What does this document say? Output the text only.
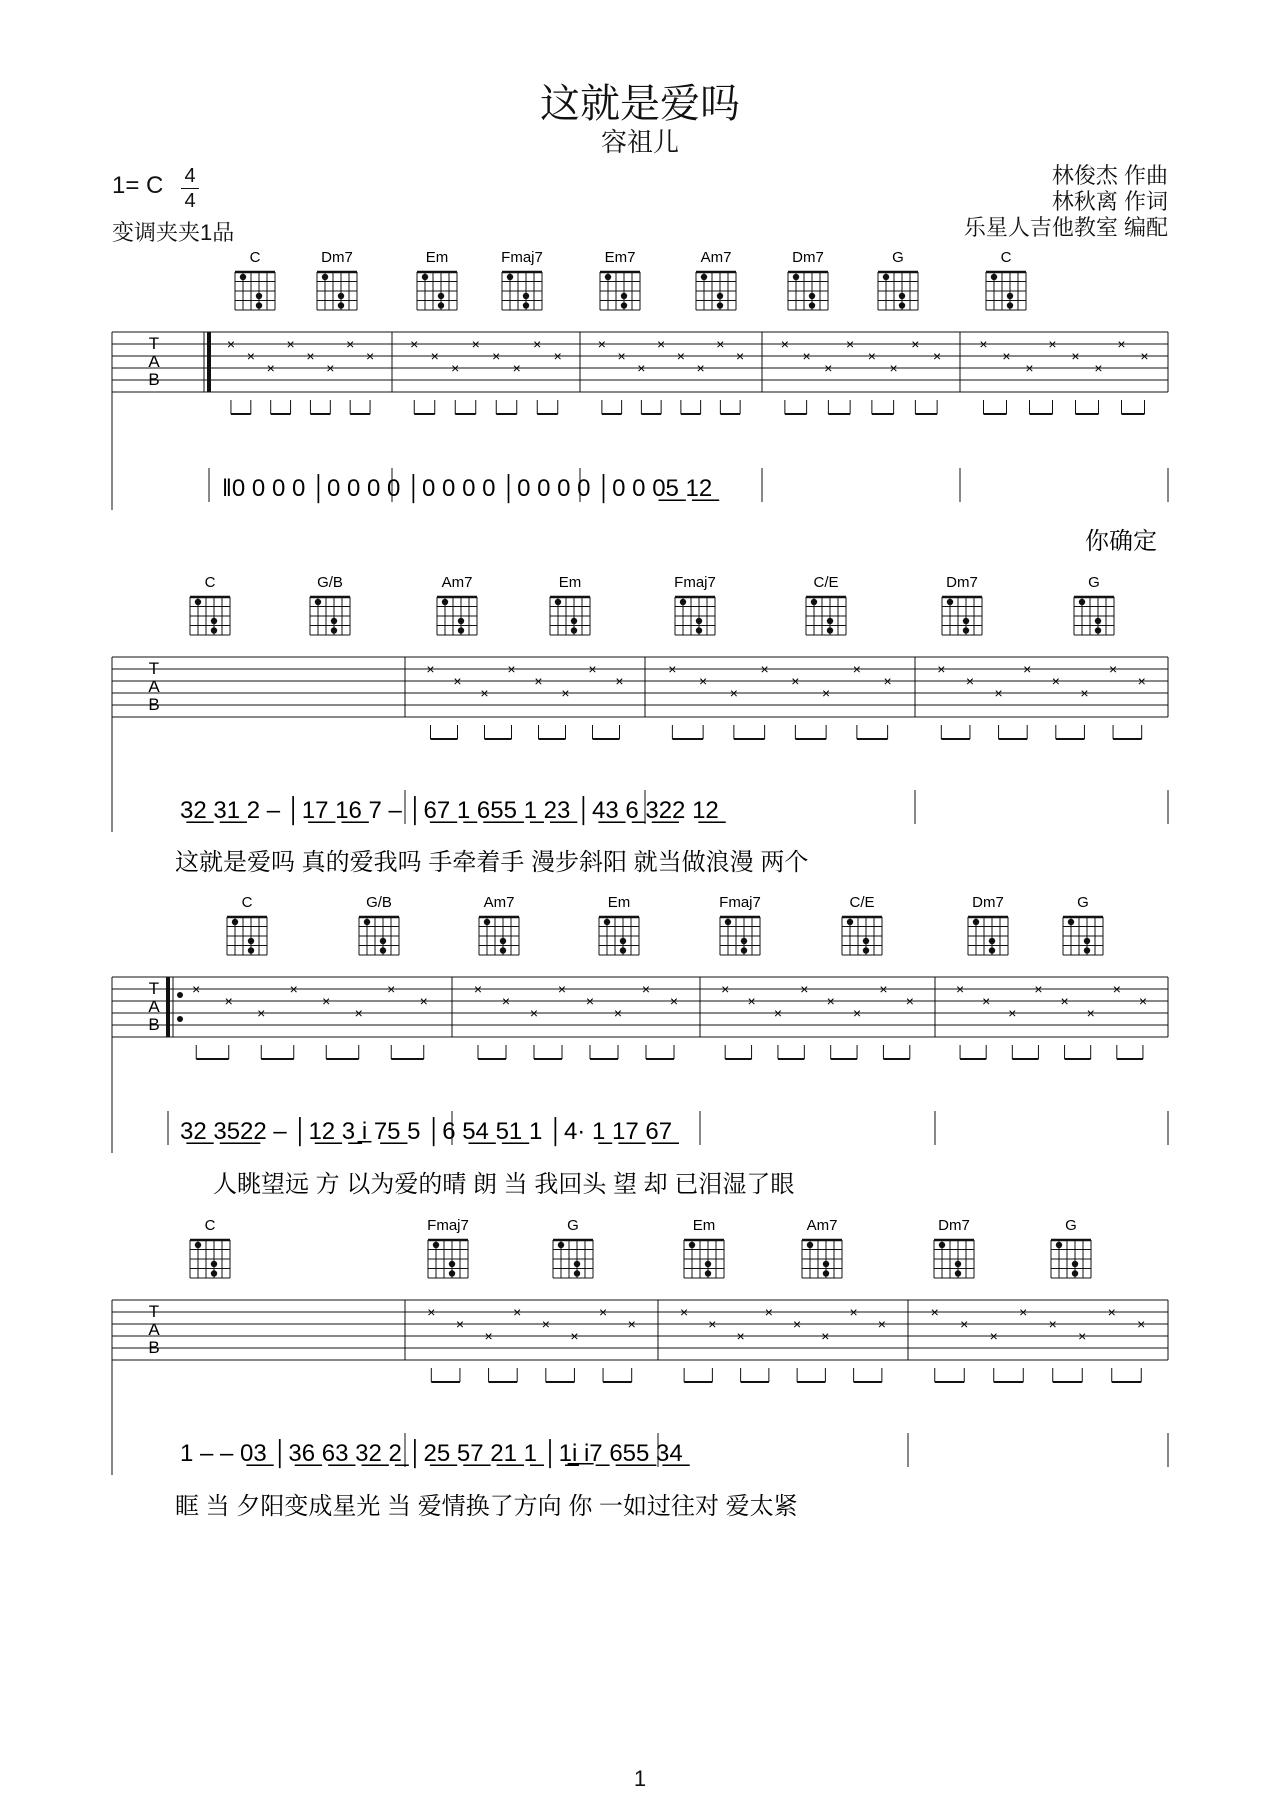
这就是爱吗
容祖儿
1= C 4
4
变调夹夹1品
林俊杰 作曲
林秋离 作词
乐星人吉他教室 编配
C	Dm7	Em	Fmaj7	Em7	Am7	Dm7	G	C
T
A
B
×
×
×
×
×
×
×
×
×
×
×
×
×
×
×
×
×
×
×
×
×
×
×
×
×
×
×
×
×
×
×
×
×
×
×
×
×
×
×
×
‖0 0 0 0 │0 0 0 0 │0 0 0 0 │0 0 0 0 │0 0 0̲5̲ 1̲2̲
你确定
C	G/B	Am7	Em	Fmaj7	C/E	Dm7	G
T
A
B
×
×
×
×
×
×
×
×
×
×
×
×
×
×
×
×
×
×
×
×
×
×
×
×
3̲2̲ 3̲1̲ 2 – │1̲7̲ 1̲6̲ 7 – │6̲7̲ 1̲ 6̲5̲5̲ 1̲ 2̲3̲ │4̲3̲ 6̲ 3̲2̲2 1̲2̲
这就是爱吗 真的爱我吗 手牵着手 漫步斜阳 就当做浪漫 两个
C	G/B	Am7	Em	Fmaj7	C/E	Dm7	G
T
A
B
×
×
×
×
×
×
×
×
×
×
×
×
×
×
×
×
×
×
×
×
×
×
×
×
×
×
×
×
×
×
×
×
3̲2̲ 3̲5̲2̲2 – │1̲2̲ 3̲ i̲ 7̲5̲ 5 │6 5̲4̲ 5̲1̲ 1 │4· 1̲ 1̲7̲ 6̲7̲
人眺望远 方 以为爱的晴 朗 当 我回头 望 却 已泪湿了眼
C	Fmaj7	G	Em	Am7	Dm7	G
T
A
B
×
×
×
×
×
×
×
×
×
×
×
×
×
×
×
×
×
×
×
×
×
×
×
×
1 – – 0̲3̲ │3̲6̲ 6̲3̲ 3̲2̲ 2̲ │2̲5̲ 5̲7̲ 2̲1̲ 1̲ │1̲i̲ i̲7̲ 6̲5̲5̲ 3̲4̲
眶 当 夕阳变成星光 当 爱情换了方向 你 一如过往对 爱太紧
1
